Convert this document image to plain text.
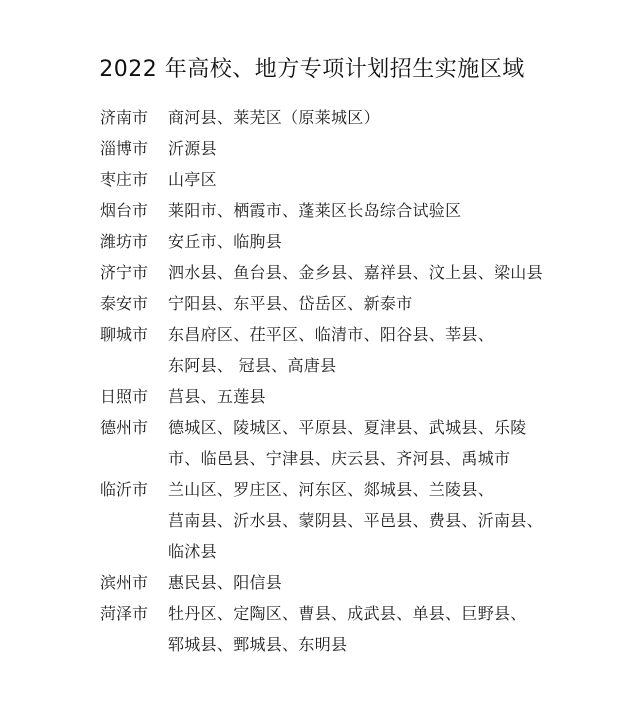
2022 年高校、地方专项计划招生实施区域
济南市	商河县、莱芜区（原莱城区）
淄博市	沂源县
枣庄市	山亭区
烟台市	莱阳市、栖霞市、蓬莱区长岛综合试验区
潍坊市	安丘市、临朐县
济宁市	泗水县、鱼台县、金乡县、嘉祥县、汶上县、梁山县
泰安市	宁阳县、东平县、岱岳区、新泰市
聊城市	东昌府区、茌平区、临清市、阳谷县、莘县、
东阿县、 冠县、高唐县
日照市	莒县、五莲县
德州市	德城区、陵城区、平原县、夏津县、武城县、乐陵
市、临邑县、宁津县、庆云县、齐河县、禹城市
临沂市	兰山区、罗庄区、河东区、郯城县、兰陵县、
莒南县、沂水县、蒙阴县、平邑县、费县、沂南县、
临沭县
滨州市	惠民县、阳信县
菏泽市	牡丹区、定陶区、曹县、成武县、单县、巨野县、
郓城县、鄄城县、东明县
